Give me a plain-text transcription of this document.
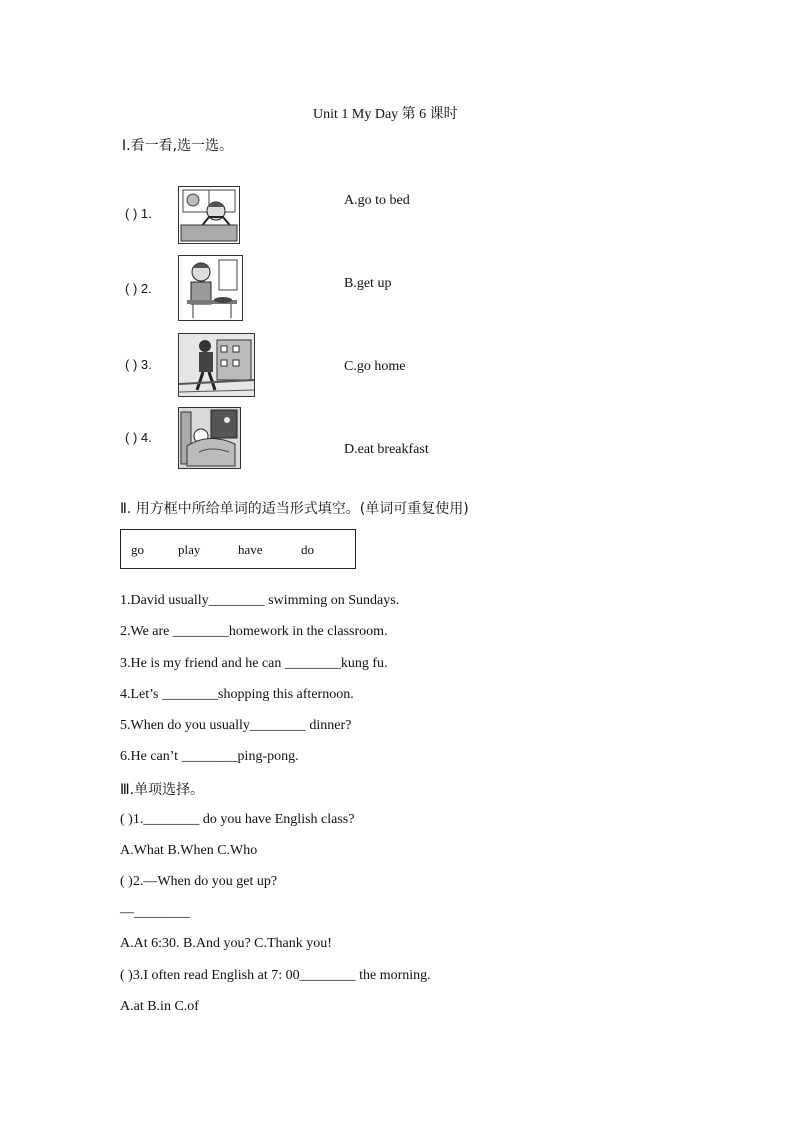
Unit 1 My Day 第 6 课时
Ⅰ.看一看,选一选。
( ) 1.
( ) 2.
( ) 3.
( ) 4.
A.go to bed
B.get up
C.go home
D.eat breakfast
Ⅱ. 用方框中所给单词的适当形式填空。(单词可重复使用)
go	play	have	do
1.David usually________ swimming on Sundays.
2.We are ________homework in the classroom.
3.He is my friend and he can ________kung fu.
4.Let’s ________shopping this afternoon.
5.When do you usually________ dinner?
6.He can’t ________ping-pong.
Ⅲ.单项选择。
( )1.________ do you have English class?
A.What B.When C.Who
( )2.—When do you get up?
—________
A.At 6:30. B.And you? C.Thank you!
( )3.I often read English at 7: 00________ the morning.
A.at B.in C.of
